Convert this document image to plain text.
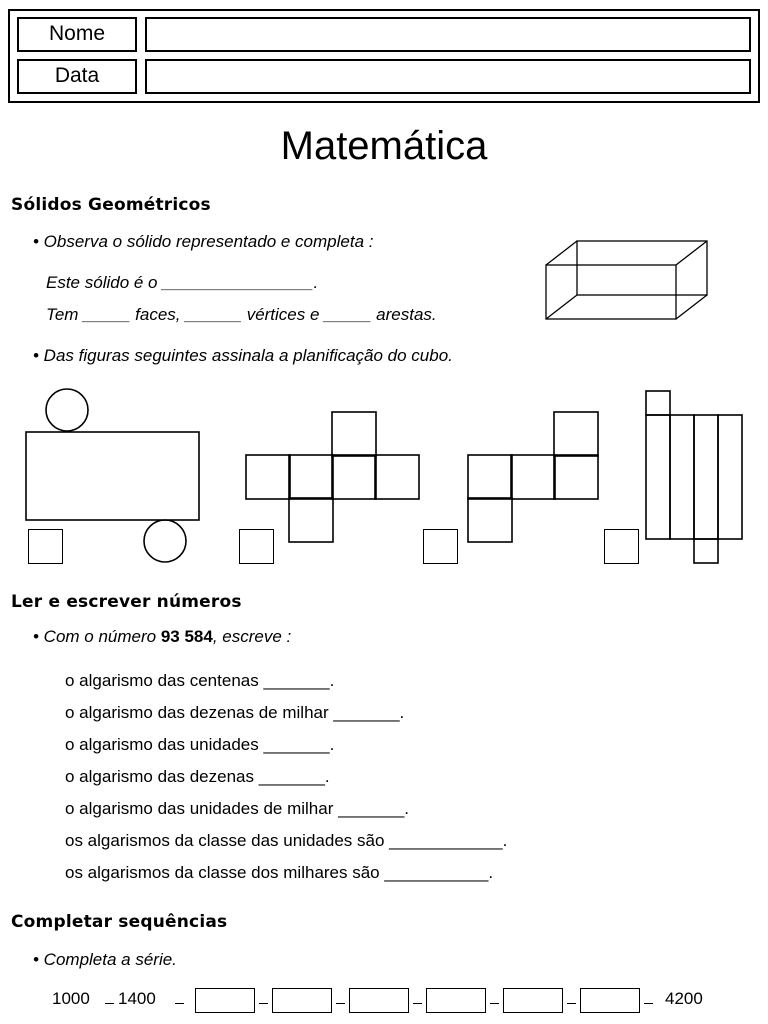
Nome
Data
Matemática
Sólidos Geométricos
• Observa o sólido representado e completa :
Este sólido é o ________________.
Tem _____ faces, ______ vértices e _____ arestas.
• Das figuras seguintes assinala a planificação do cubo.
Ler e escrever números
• Com o número 93 584, escreve :
o algarismo das centenas _______.
o algarismo das dezenas de milhar _______.
o algarismo das unidades _______.
o algarismo das dezenas _______.
o algarismo das unidades de milhar _______.
os algarismos da classe das unidades são ____________.
os algarismos da classe dos milhares são ___________.
Completar sequências
• Completa a série.
1000 1400	4200
